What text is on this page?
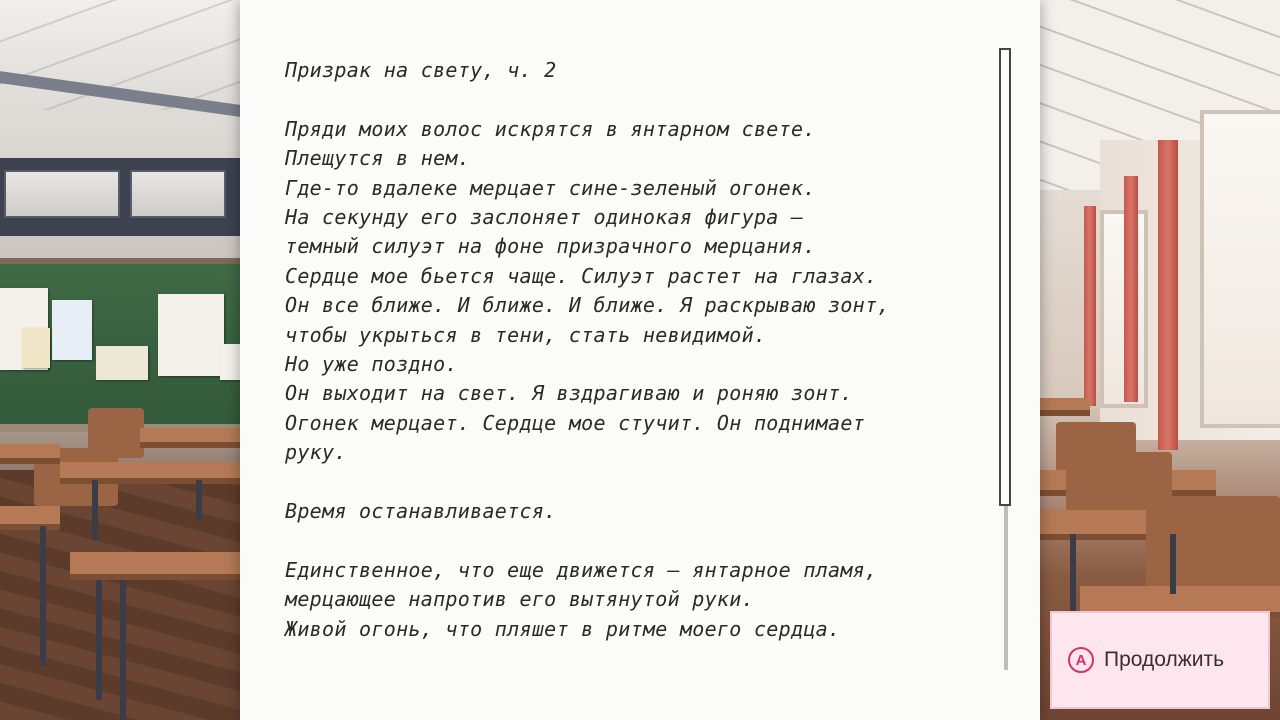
Призрак на свету, ч. 2
Пряди моих волос искрятся в янтарном свете.
Плещутся в нем.
Где-то вдалеке мерцает сине-зеленый огонек.
На секунду его заслоняет одинокая фигура —
темный силуэт на фоне призрачного мерцания.
Сердце мое бьется чаще. Силуэт растет на глазах.
Он все ближе. И ближе. И ближе. Я раскрываю зонт,
чтобы укрыться в тени, стать невидимой.
Но уже поздно.
Он выходит на свет. Я вздрагиваю и роняю зонт.
Огонек мерцает. Сердце мое стучит. Он поднимает
руку.
Время останавливается.
Единственное, что еще движется — янтарное пламя,
мерцающее напротив его вытянутой руки.
Живой огонь, что пляшет в ритме моего сердца.
A Продолжить
